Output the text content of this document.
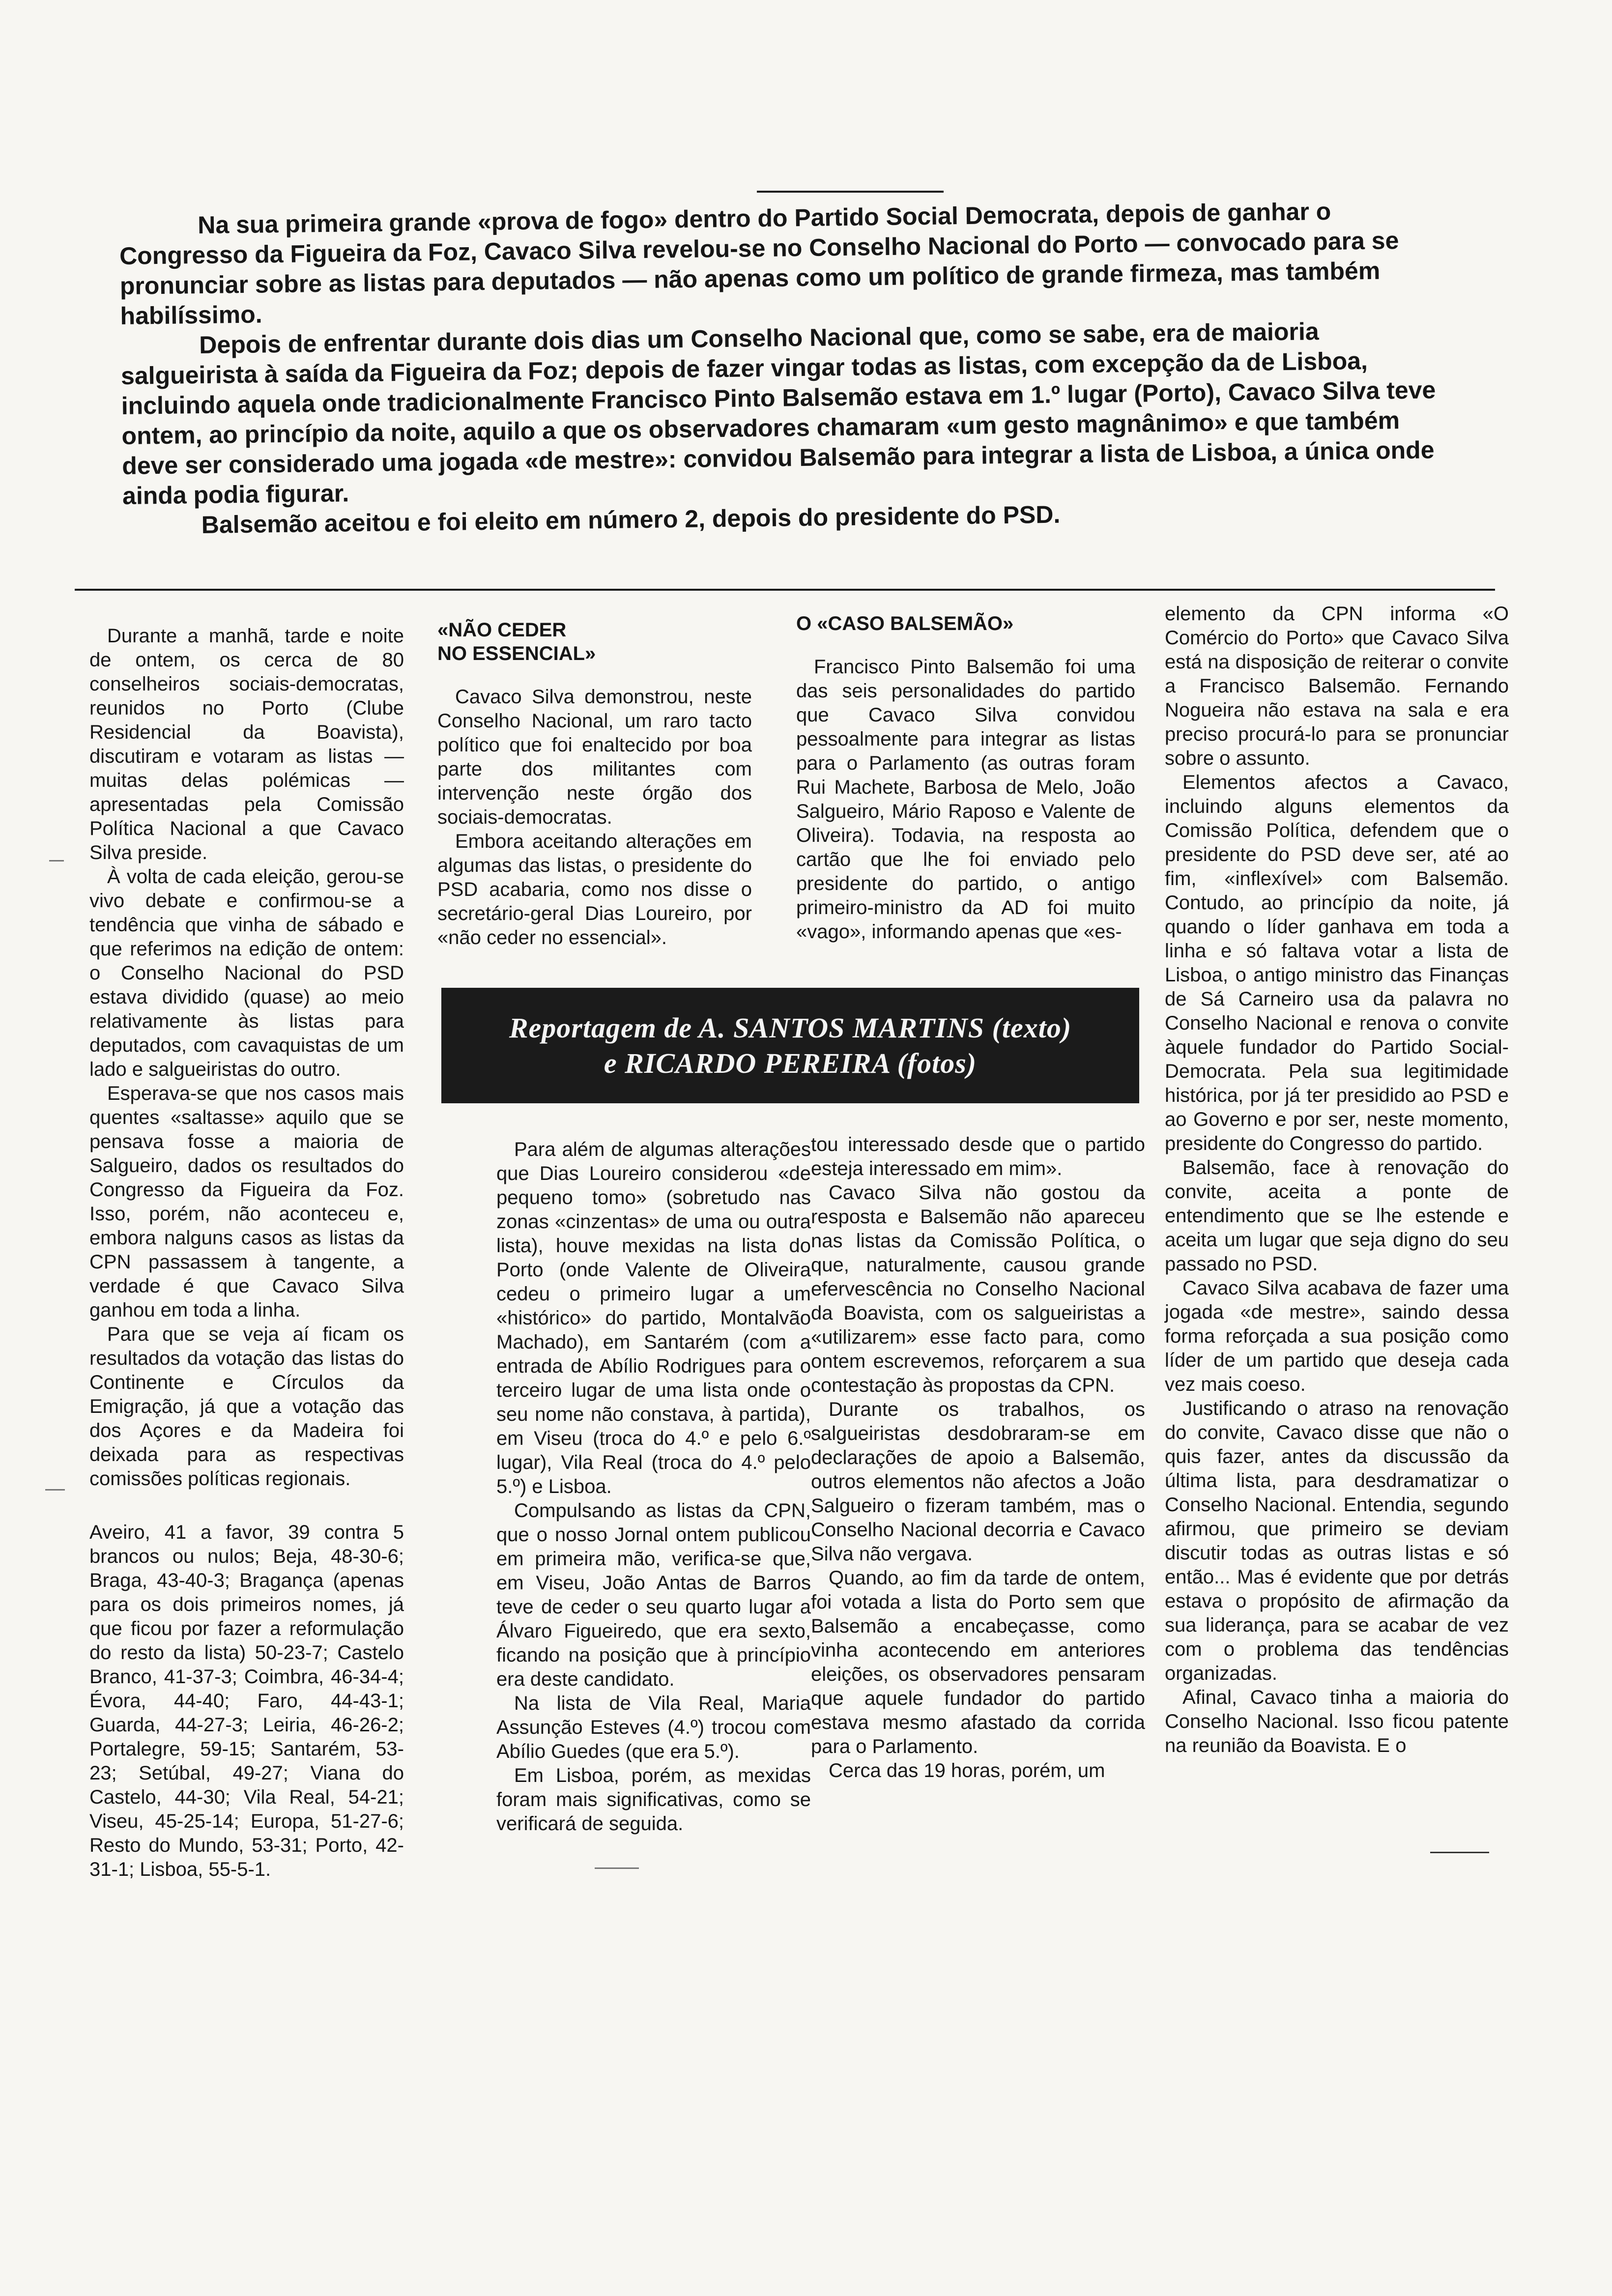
Na sua primeira grande «prova de fogo» dentro do Partido Social Democrata, depois de ganhar o Congresso da Figueira da Foz, Cavaco Silva revelou-se no Conselho Nacional do Porto — convocado para se pronunciar sobre as listas para deputados — não apenas como um político de grande firmeza, mas também habilíssimo.

Depois de enfrentar durante dois dias um Conselho Nacional que, como se sabe, era de maioria salgueirista à saída da Figueira da Foz; depois de fazer vingar todas as listas, com excepção da de Lisboa, incluindo aquela onde tradicionalmente Francisco Pinto Balsemão estava em 1.º lugar (Porto), Cavaco Silva teve ontem, ao princípio da noite, aquilo a que os observadores chamaram «um gesto magnânimo» e que também deve ser considerado uma jogada «de mestre»: convidou Balsemão para integrar a lista de Lisboa, a única onde ainda podia figurar.

Balsemão aceitou e foi eleito em número 2, depois do presidente do PSD.

Durante a manhã, tarde e noite de ontem, os cerca de 80 conselheiros sociais-democratas, reunidos no Porto (Clube Residencial da Boavista), discutiram e votaram as listas — muitas delas polémicas — apresentadas pela Comissão Política Nacional a que Cavaco Silva preside.

À volta de cada eleição, gerou-se vivo debate e confirmou-se a tendência que vinha de sábado e que referimos na edição de ontem: o Conselho Nacional do PSD estava dividido (quase) ao meio relativamente às listas para deputados, com cavaquistas de um lado e salgueiristas do outro.

Esperava-se que nos casos mais quentes «saltasse» aquilo que se pensava fosse a maioria de Salgueiro, dados os resultados do Congresso da Figueira da Foz. Isso, porém, não aconteceu e, embora nalguns casos as listas da CPN passassem à tangente, a verdade é que Cavaco Silva ganhou em toda a linha.

Para que se veja aí ficam os resultados da votação das listas do Continente e Círculos da Emigração, já que a votação das dos Açores e da Madeira foi deixada para as respectivas comissões políticas regionais.

Aveiro, 41 a favor, 39 contra 5 brancos ou nulos; Beja, 48-30-6; Braga, 43-40-3; Bragança (apenas para os dois primeiros nomes, já que ficou por fazer a reformulação do resto da lista) 50-23-7; Castelo Branco, 41-37-3; Coimbra, 46-34-4; Évora, 44-40; Faro, 44-43-1; Guarda, 44-27-3; Leiria, 46-26-2; Portalegre, 59-15; Santarém, 53-23; Setúbal, 49-27; Viana do Castelo, 44-30; Vila Real, 54-21; Viseu, 45-25-14; Europa, 51-27-6; Resto do Mundo, 53-31; Porto, 42-31-1; Lisboa, 55-5-1.

«NÃO CEDER
NO ESSENCIAL»

Cavaco Silva demonstrou, neste Conselho Nacional, um raro tacto político que foi enaltecido por boa parte dos militantes com intervenção neste órgão dos sociais-democratas.

Embora aceitando alterações em algumas das listas, o presidente do PSD acabaria, como nos disse o secretário-geral Dias Loureiro, por «não ceder no essencial».

O «CASO BALSEMÃO»

Francisco Pinto Balsemão foi uma das seis personalidades do partido que Cavaco Silva convidou pessoalmente para integrar as listas para o Parlamento (as outras foram Rui Machete, Barbosa de Melo, João Salgueiro, Mário Raposo e Valente de Oliveira). Todavia, na resposta ao cartão que lhe foi enviado pelo presidente do partido, o antigo primeiro-ministro da AD foi muito «vago», informando apenas que «es-

Reportagem de A. SANTOS MARTINS (texto)
e RICARDO PEREIRA (fotos)

Para além de algumas alterações que Dias Loureiro considerou «de pequeno tomo» (sobretudo nas zonas «cinzentas» de uma ou outra lista), houve mexidas na lista do Porto (onde Valente de Oliveira cedeu o primeiro lugar a um «histórico» do partido, Montalvão Machado), em Santarém (com a entrada de Abílio Rodrigues para o terceiro lugar de uma lista onde o seu nome não constava, à partida), em Viseu (troca do 4.º e pelo 6.º lugar), Vila Real (troca do 4.º pelo 5.º) e Lisboa.

Compulsando as listas da CPN, que o nosso Jornal ontem publicou em primeira mão, verifica-se que, em Viseu, João Antas de Barros teve de ceder o seu quarto lugar a Álvaro Figueiredo, que era sexto, ficando na posição que à princípio era deste candidato.

Na lista de Vila Real, Maria Assunção Esteves (4.º) trocou com Abílio Guedes (que era 5.º).

Em Lisboa, porém, as mexidas foram mais significativas, como se verificará de seguida.

tou interessado desde que o partido esteja interessado em mim».

Cavaco Silva não gostou da resposta e Balsemão não apareceu nas listas da Comissão Política, o que, naturalmente, causou grande efervescência no Conselho Nacional da Boavista, com os salgueiristas a «utilizarem» esse facto para, como ontem escrevemos, reforçarem a sua contestação às propostas da CPN.

Durante os trabalhos, os salgueiristas desdobraram-se em declarações de apoio a Balsemão, outros elementos não afectos a João Salgueiro o fizeram também, mas o Conselho Nacional decorria e Cavaco Silva não vergava.

Quando, ao fim da tarde de ontem, foi votada a lista do Porto sem que Balsemão a encabeçasse, como vinha acontecendo em anteriores eleições, os observadores pensaram que aquele fundador do partido estava mesmo afastado da corrida para o Parlamento.

Cerca das 19 horas, porém, um

elemento da CPN informa «O Comércio do Porto» que Cavaco Silva está na disposição de reiterar o convite a Francisco Balsemão. Fernando Nogueira não estava na sala e era preciso procurá-lo para se pronunciar sobre o assunto.

Elementos afectos a Cavaco, incluindo alguns elementos da Comissão Política, defendem que o presidente do PSD deve ser, até ao fim, «inflexível» com Balsemão. Contudo, ao princípio da noite, já quando o líder ganhava em toda a linha e só faltava votar a lista de Lisboa, o antigo ministro das Finanças de Sá Carneiro usa da palavra no Conselho Nacional e renova o convite àquele fundador do Partido Social-Democrata. Pela sua legitimidade histórica, por já ter presidido ao PSD e ao Governo e por ser, neste momento, presidente do Congresso do partido.

Balsemão, face à renovação do convite, aceita a ponte de entendimento que se lhe estende e aceita um lugar que seja digno do seu passado no PSD.

Cavaco Silva acabava de fazer uma jogada «de mestre», saindo dessa forma reforçada a sua posição como líder de um partido que deseja cada vez mais coeso.

Justificando o atraso na renovação do convite, Cavaco disse que não o quis fazer, antes da discussão da última lista, para desdramatizar o Conselho Nacional. Entendia, segundo afirmou, que primeiro se deviam discutir todas as outras listas e só então... Mas é evidente que por detrás estava o propósito de afirmação da sua liderança, para se acabar de vez com o problema das tendências organizadas.

Afinal, Cavaco tinha a maioria do Conselho Nacional. Isso ficou patente na reunião da Boavista. E o
